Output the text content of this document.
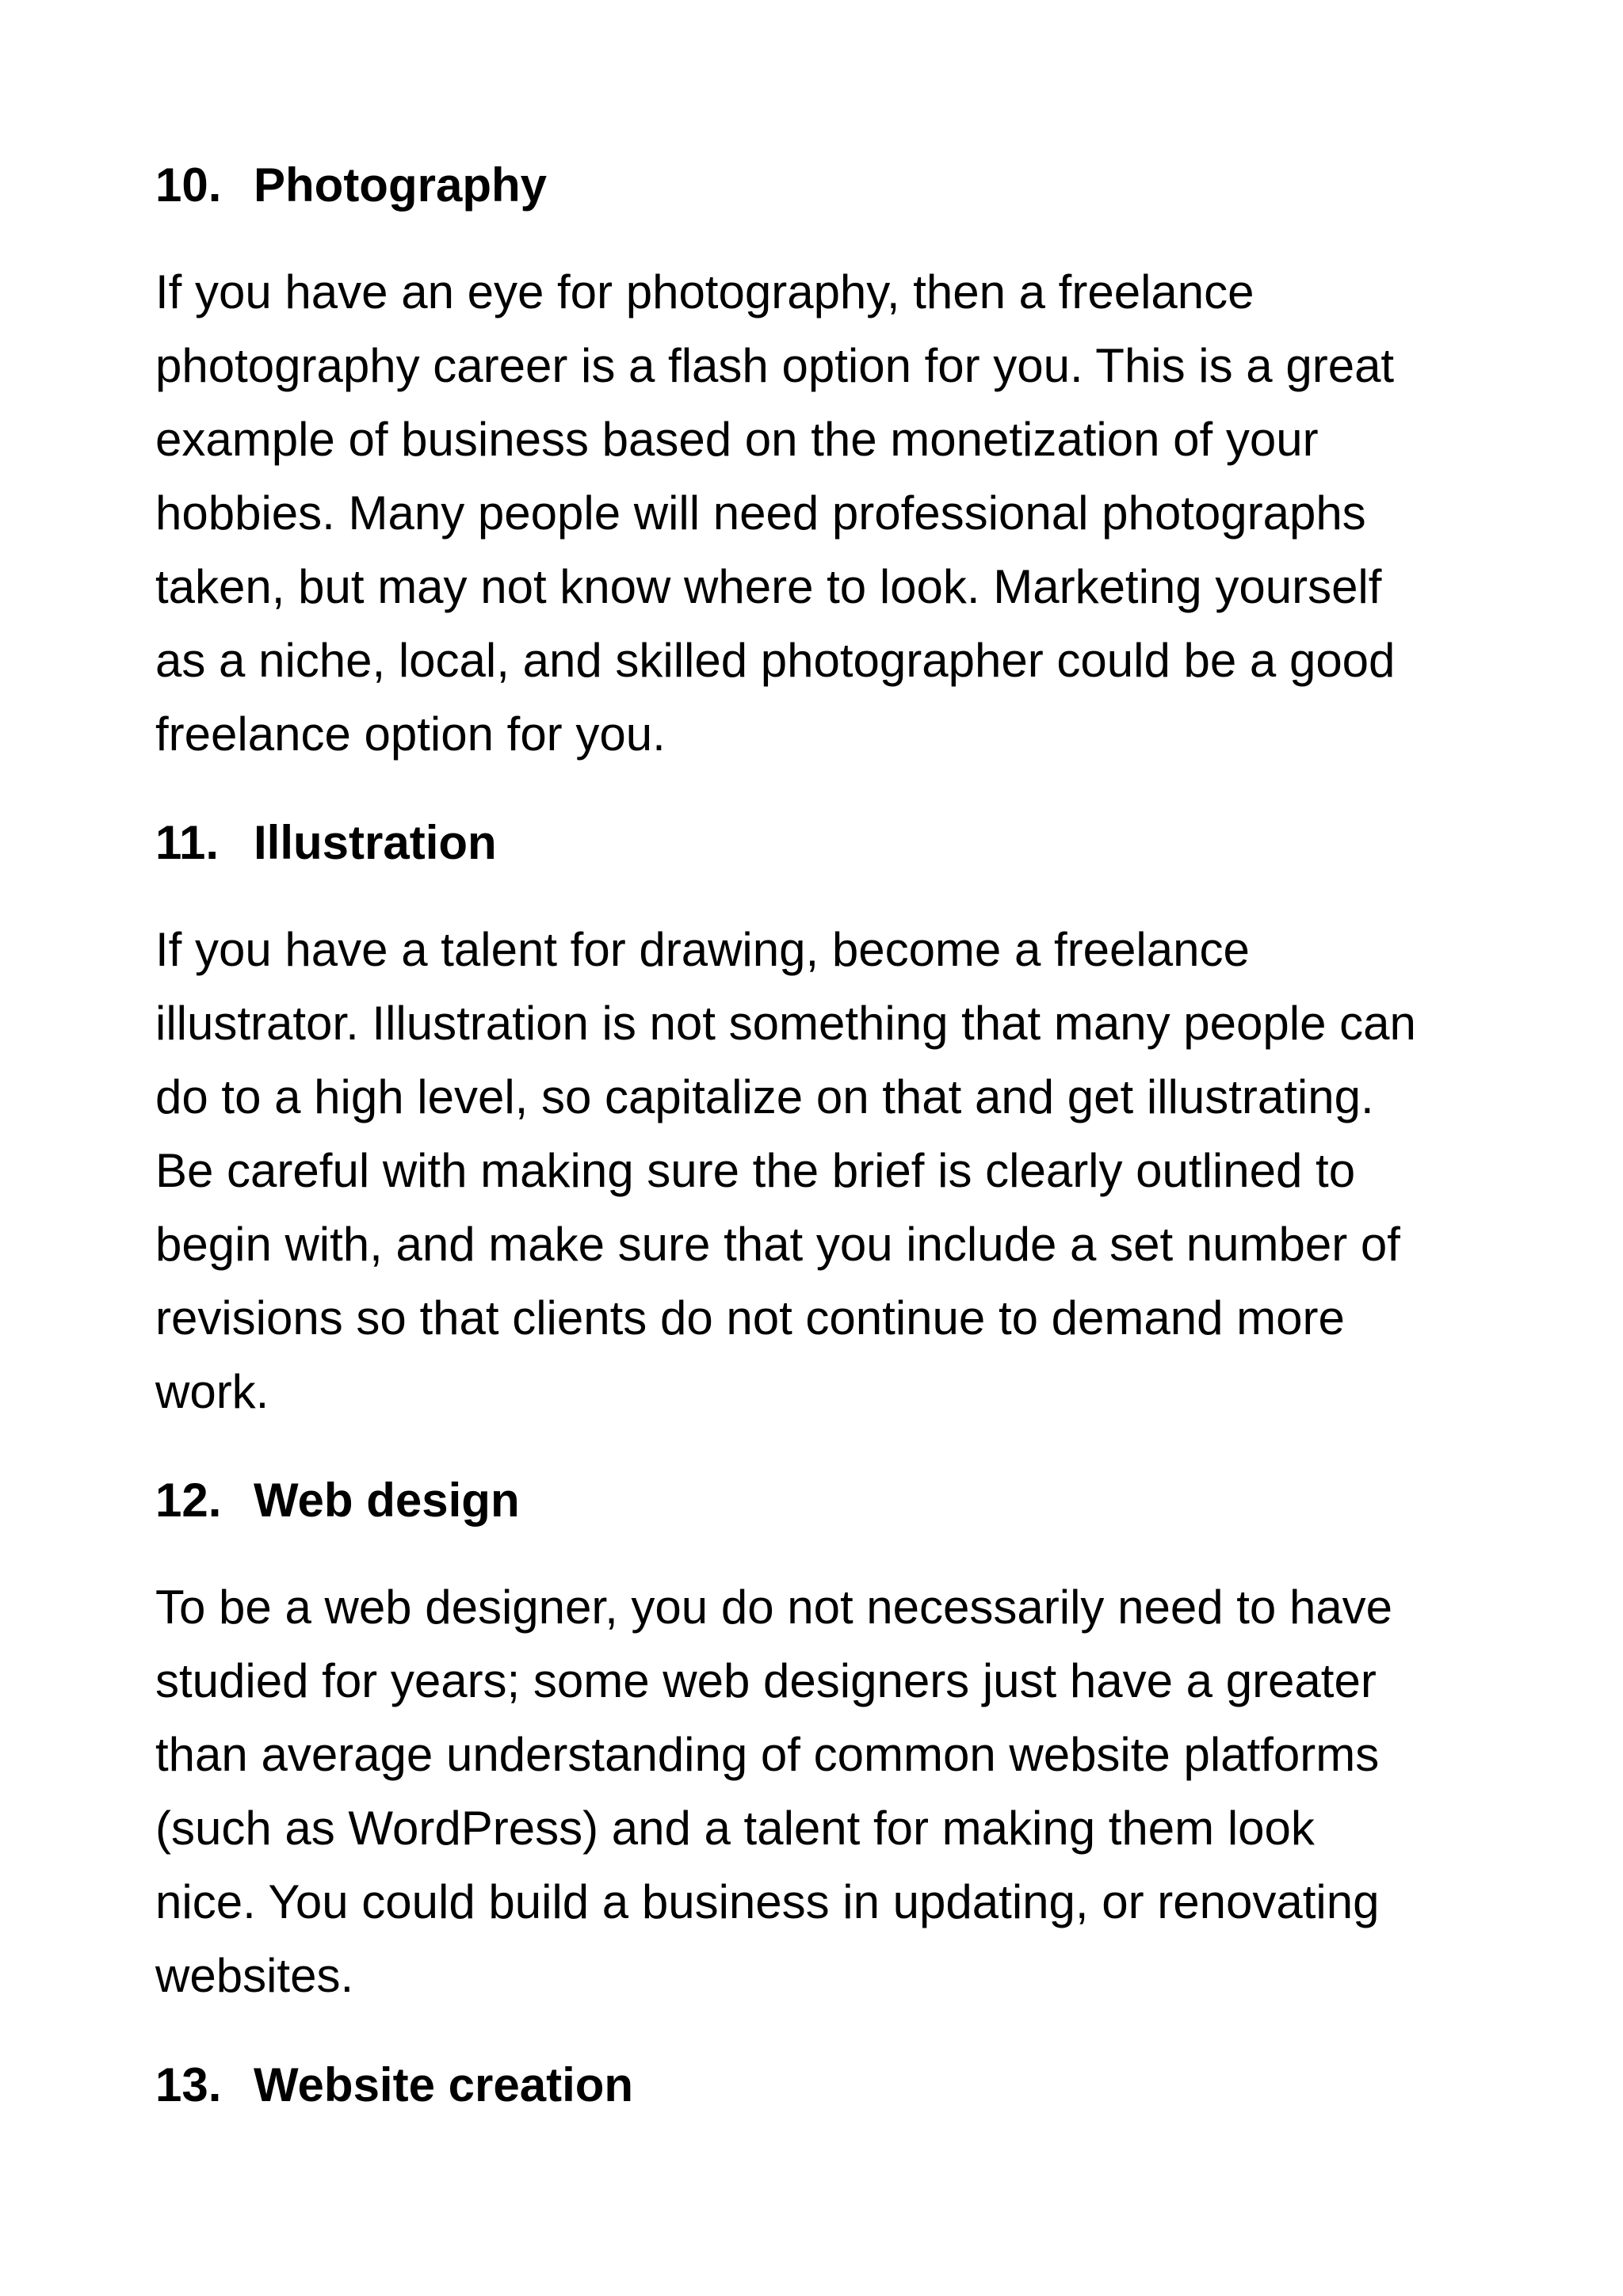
10. Photography

If you have an eye for photography, then a freelance
photography career is a flash option for you. This is a great
example of business based on the monetization of your
hobbies. Many people will need professional photographs
taken, but may not know where to look. Marketing yourself
as a niche, local, and skilled photographer could be a good
freelance option for you.

11. Illustration

If you have a talent for drawing, become a freelance
illustrator. Illustration is not something that many people can
do to a high level, so capitalize on that and get illustrating.
Be careful with making sure the brief is clearly outlined to
begin with, and make sure that you include a set number of
revisions so that clients do not continue to demand more
work.

12. Web design

To be a web designer, you do not necessarily need to have
studied for years; some web designers just have a greater
than average understanding of common website platforms
(such as WordPress) and a talent for making them look
nice. You could build a business in updating, or renovating
websites.

13. Website creation
